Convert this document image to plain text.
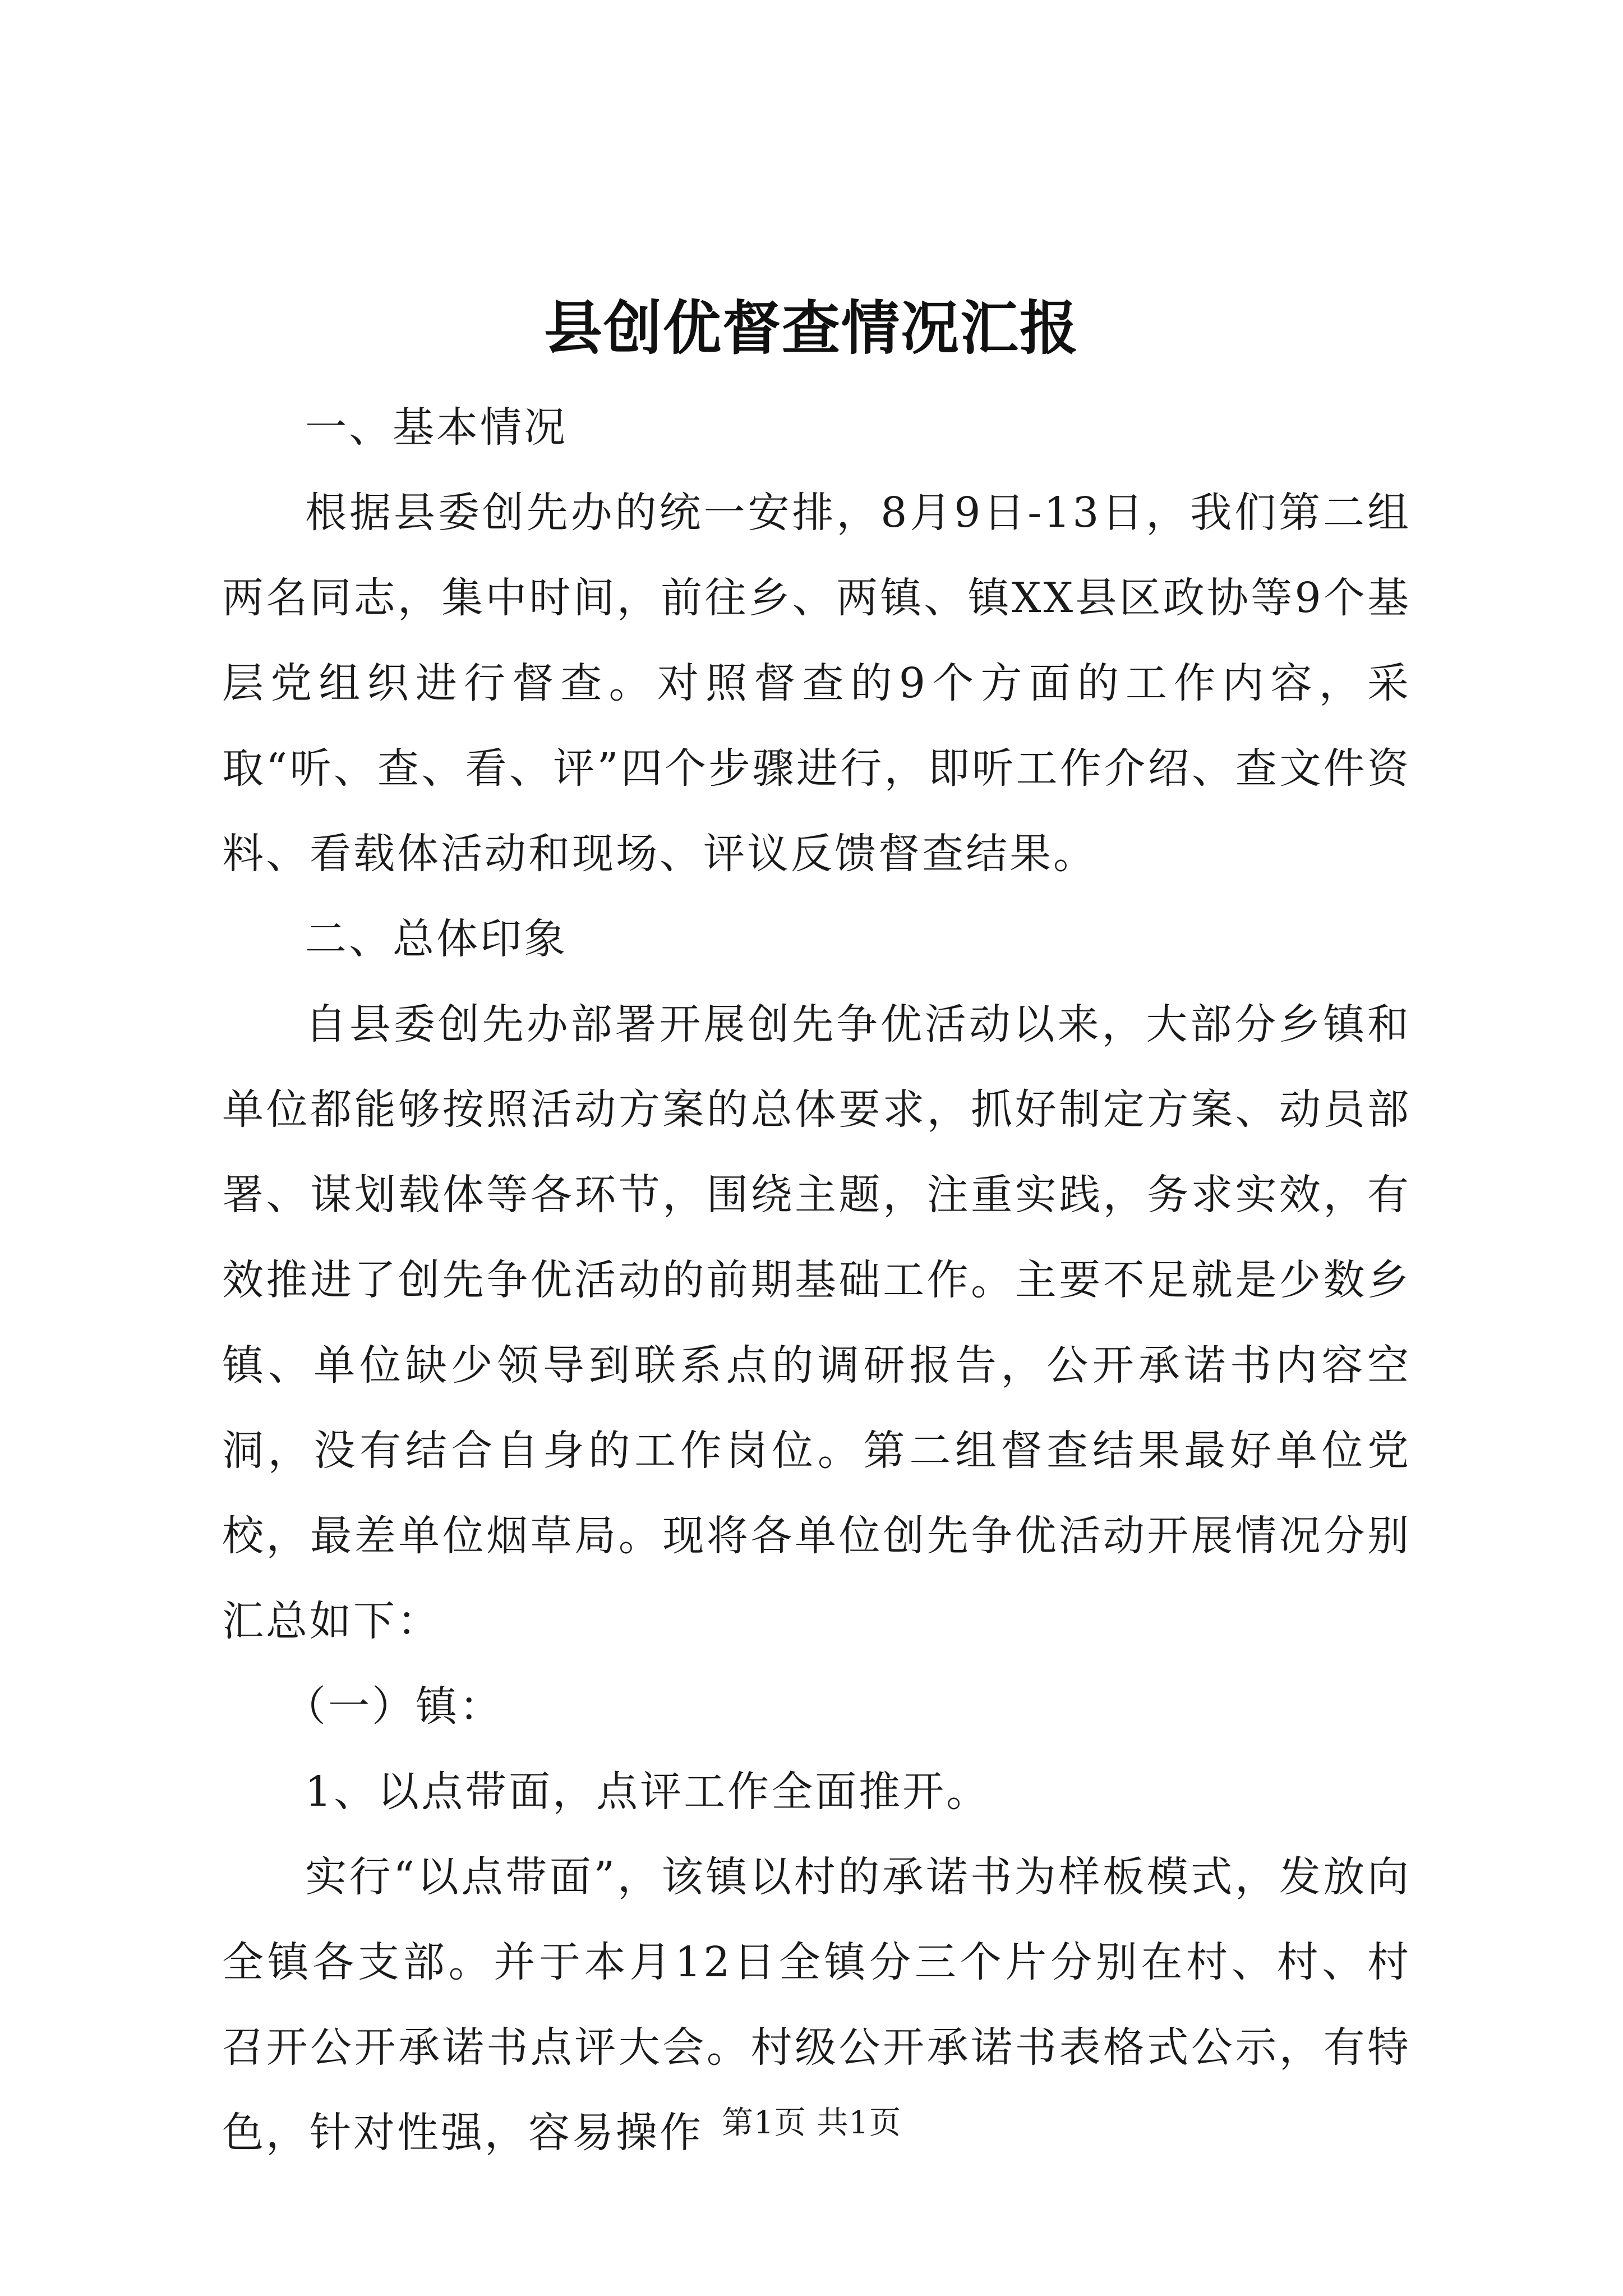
县创优督查情况汇报

一、基本情况

根据县委创先办的统一安排，8月9日-13日，我们第二组两名同志，集中时间，前往乡、两镇、镇XX县区政协等9个基层党组织进行督查。对照督查的9个方面的工作内容，采取“听、查、看、评”四个步骤进行，即听工作介绍、查文件资料、看载体活动和现场、评议反馈督查结果。

二、总体印象

自县委创先办部署开展创先争优活动以来，大部分乡镇和单位都能够按照活动方案的总体要求，抓好制定方案、动员部署、谋划载体等各环节，围绕主题，注重实践，务求实效，有效推进了创先争优活动的前期基础工作。主要不足就是少数乡镇、单位缺少领导到联系点的调研报告，公开承诺书内容空洞，没有结合自身的工作岗位。第二组督查结果最好单位党校，最差单位烟草局。现将各单位创先争优活动开展情况分别汇总如下：

（一）镇：

1、以点带面，点评工作全面推开。

实行“以点带面”，该镇以村的承诺书为样板模式，发放向全镇各支部。并于本月12日全镇分三个片分别在村、村、村召开公开承诺书点评大会。村级公开承诺书表格式公示，有特色，针对性强，容易操作 第1页 共1页
